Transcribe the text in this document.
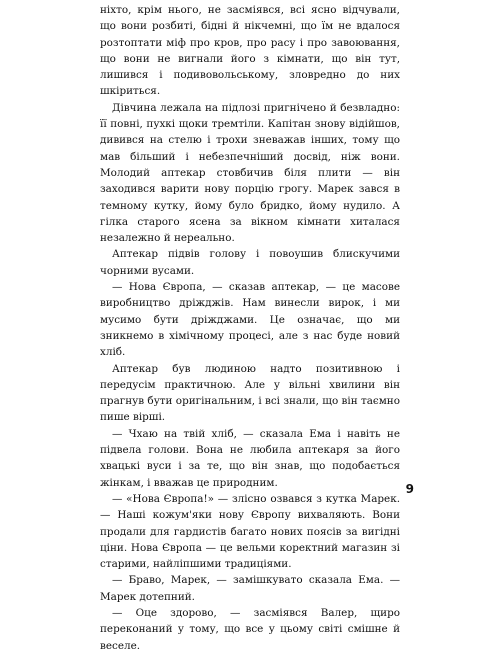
ніхто, крім нього, не засміявся, всі ясно відчували, що вони розбиті, бідні й нікчемні, що їм не вдалося розтоптати міф про кров, про расу і про завоювання, що вони не вигнали його з кімнати, що він тут, лишився і подивовольському, зловредно до них шкіриться.

Дівчина лежала на підлозі пригнічено й безвладно: її повні, пухкі щоки тремтіли. Капітан знову відійшов, дивився на стелю і трохи зневажав інших, тому що мав більший і небезпечніший досвід, ніж вони. Молодий аптекар стовбичив біля плити — він заходився варити нову порцію грогу. Марек зався в темному кутку, йому було бридко, йому нудило. А гілка старого ясена за вікном кімнати хиталася незалежно й нереально.

Аптекар підвів голову і повоушив блискучими чорними вусами.

— Нова Європа, — сказав аптекар, — це масове виробництво дріжджів. Нам винесли вирок, і ми мусимо бути дріжджами. Це означає, що ми зникнемо в хімічному процесі, але з нас буде новий хліб.

Аптекар був людиною надто позитивною і передусім практичною. Але у вільні хвилини він прагнув бути оригінальним, і всі знали, що він таємно пише вірші.

— Чхаю на твій хліб, — сказала Ема і навіть не підвела голови. Вона не любила аптекаря за його хвацькі вуси і за те, що він знав, що подобається жінкам, і вважав це природним.

— «Нова Європа!» — злісно озвався з кутка Марек. — Наші кожум'яки нову Європу вихваляють. Вони продали для гардистів багато нових поясів за вигідні ціни. Нова Європа — це вельми коректний магазин зі старими, найліпшими традиціями.

— Браво, Марек, — замішкувато сказала Ема. — Марек дотепний.

— Оце здорово, — засміявся Валер, щиро переконаний у тому, що все у цьому світі смішне й веселе.

9
